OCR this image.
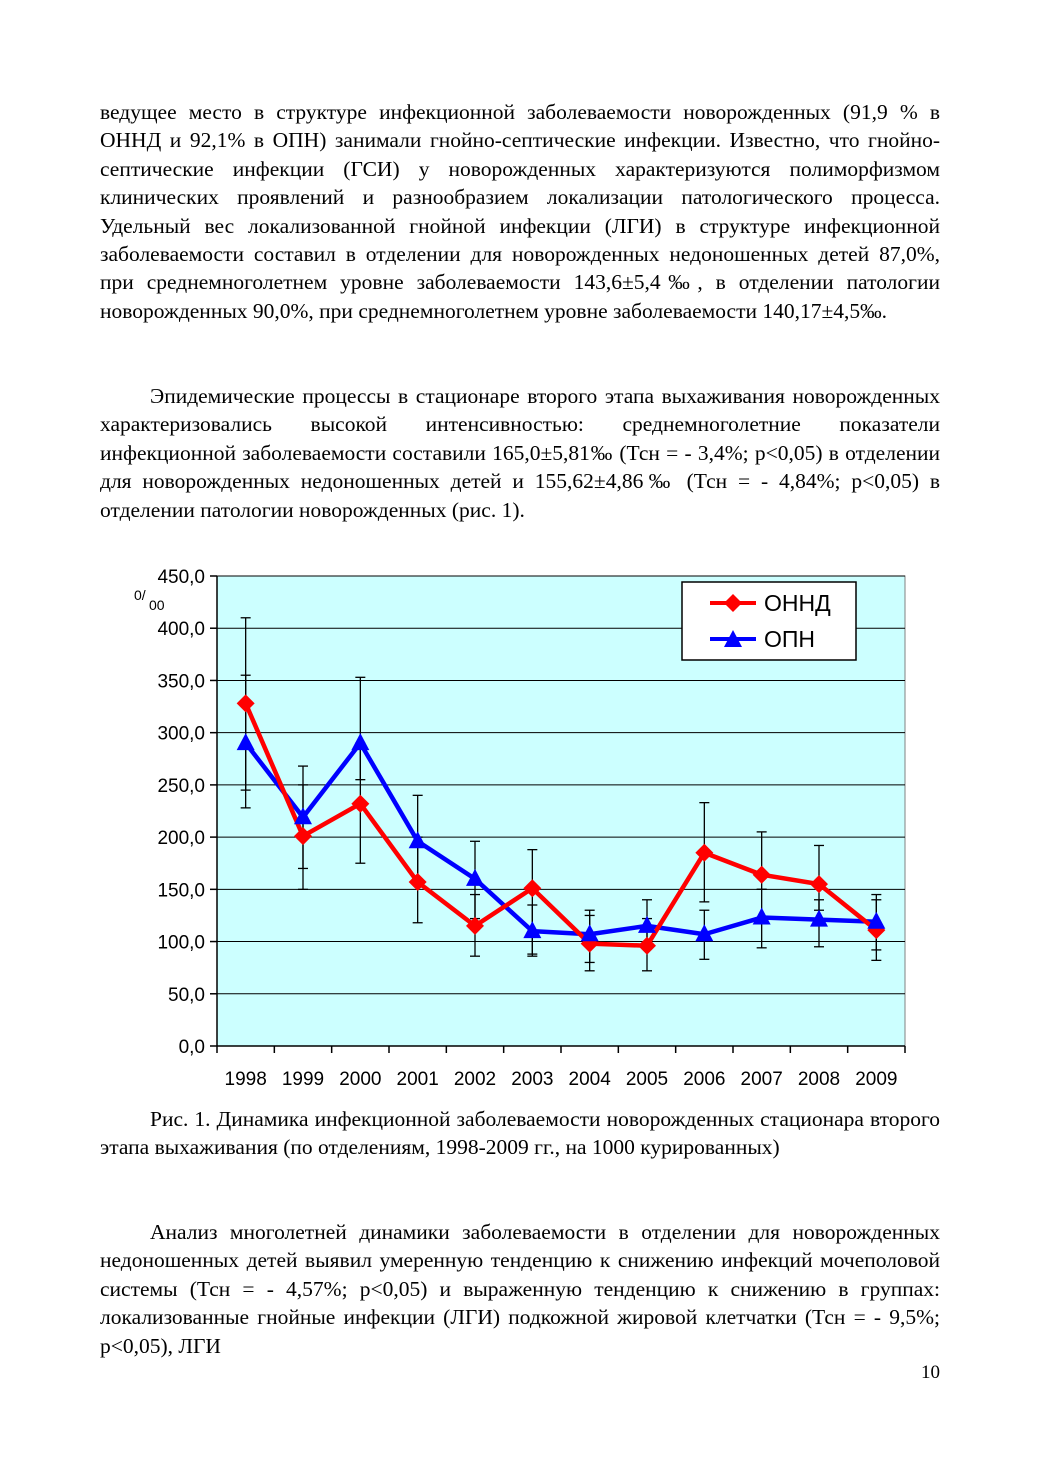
ведущее место в структуре инфекционной заболеваемости новорожденных (91,9 % в ОННД и 92,1% в ОПН) занимали гнойно-септические инфекции. Известно, что гнойно-септические инфекции (ГСИ) у новорожденных характеризуются полиморфизмом клинических проявлений и разнообразием локализации патологического процесса. Удельный вес локализованной гнойной инфекции (ЛГИ) в структуре инфекционной заболеваемости составил в отделении для новорожденных недоношенных детей 87,0%, при среднемноголетнем уровне заболеваемости 143,6±5,4‰, в отделении патологии новорожденных 90,0%, при среднемноголетнем уровне заболеваемости 140,17±4,5‰.

Эпидемические процессы в стационаре второго этапа выхаживания новорожденных характеризовались высокой интенсивностью: среднемноголетние показатели инфекционной заболеваемости составили 165,0±5,81‰ (Тсн = - 3,4%; p<0,05) в отделении для новорожденных недоношенных детей и 155,62±4,86‰ (Тсн = - 4,84%; p<0,05) в отделении патологии новорожденных (рис. 1).

0,0
50,0
100,0
150,0
200,0
250,0
300,0
350,0
400,0
450,0
1998 1999 2000 2001 2002 2003 2004 2005 2006 2007 2008 2009
0/
00	ОННД
ОПН

Рис. 1. Динамика инфекционной заболеваемости новорожденных стационара второго этапа выхаживания (по отделениям, 1998-2009 гг., на 1000 курированных)

Анализ многолетней динамики заболеваемости в отделении для новорожденных недоношенных детей выявил умеренную тенденцию к снижению инфекций мочеполовой системы (Тсн = - 4,57%; p<0,05) и выраженную тенденцию к снижению в группах: локализованные гнойные инфекции (ЛГИ) подкожной жировой клетчатки (Тсн = - 9,5%; p<0,05), ЛГИ

10
